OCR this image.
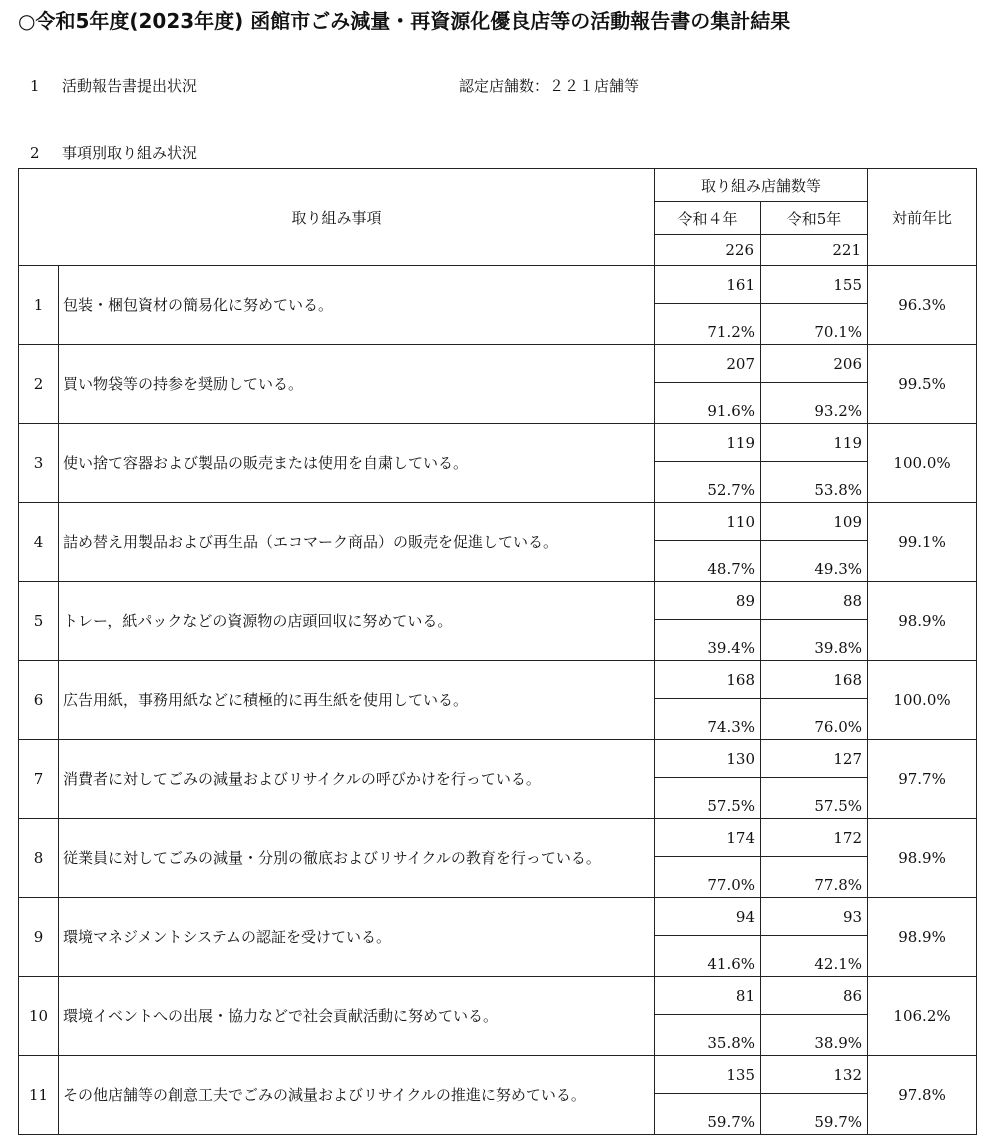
○令和5年度(2023年度) 函館市ごみ減量・再資源化優良店等の活動報告書の集計結果
1 活動報告書提出状況	認定店舗数：２２１店舗等
2 事項別取り組み状況
取り組み事項		取り組み店舗数等		対前年比
		令和４年	令和5年	
		226	221	
1	包装・梱包資材の簡易化に努めている。	161	155	96.3%
		71.2%	70.1%	
2	買い物袋等の持参を奨励している。	207	206	99.5%
		91.6%	93.2%	
3	使い捨て容器および製品の販売または使用を自粛している。	119	119	100.0%
		52.7%	53.8%	
4	詰め替え用製品および再生品（エコマーク商品）の販売を促進している。	110	109	99.1%
		48.7%	49.3%	
5	トレー，紙パックなどの資源物の店頭回収に努めている。	89	88	98.9%
		39.4%	39.8%	
6	広告用紙，事務用紙などに積極的に再生紙を使用している。	168	168	100.0%
		74.3%	76.0%	
7	消費者に対してごみの減量およびリサイクルの呼びかけを行っている。	130	127	97.7%
		57.5%	57.5%	
8	従業員に対してごみの減量・分別の徹底およびリサイクルの教育を行っている。	174	172	98.9%
		77.0%	77.8%	
9	環境マネジメントシステムの認証を受けている。	94	93	98.9%
		41.6%	42.1%	
10	環境イベントへの出展・協力などで社会貢献活動に努めている。	81	86	106.2%
		35.8%	38.9%	
11	その他店舗等の創意工夫でごみの減量およびリサイクルの推進に努めている。	135	132	97.8%
		59.7%	59.7%	
